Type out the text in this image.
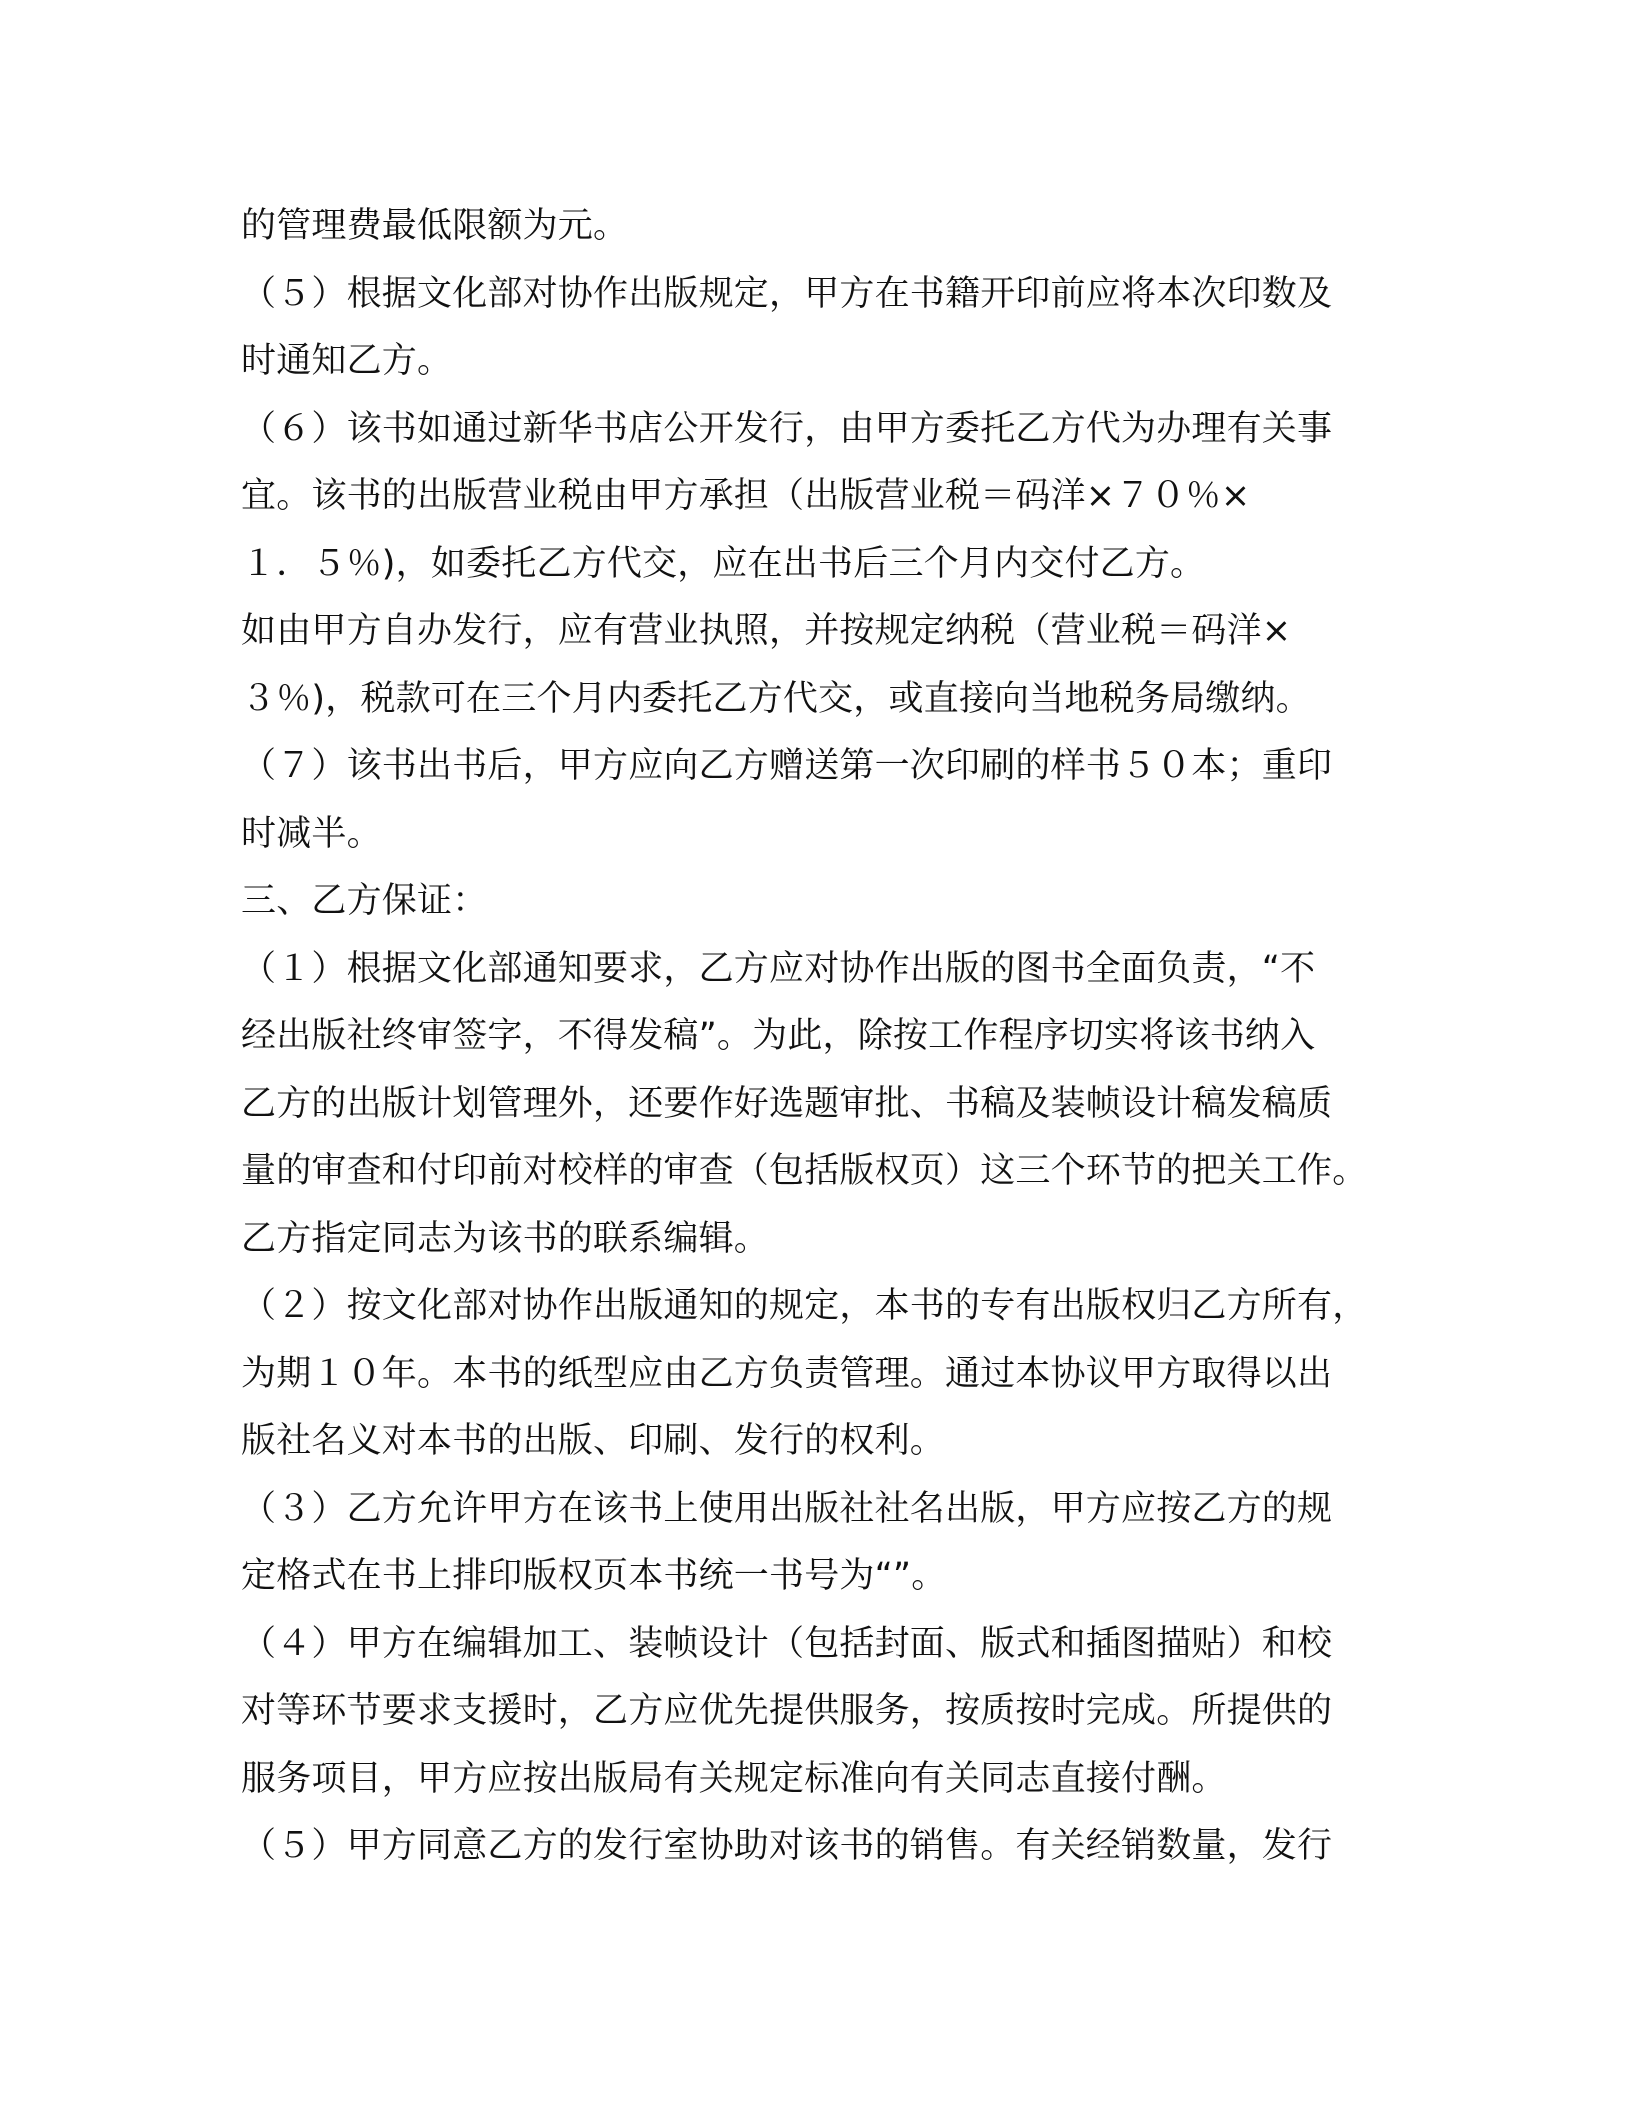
的管理费最低限额为元。
（５）根据文化部对协作出版规定，甲方在书籍开印前应将本次印数及
时通知乙方。
（６）该书如通过新华书店公开发行，由甲方委托乙方代为办理有关事
宜。该书的出版营业税由甲方承担（出版营业税＝码洋×７０％×
１．５％)，如委托乙方代交，应在出书后三个月内交付乙方。
如由甲方自办发行，应有营业执照，并按规定纳税（营业税＝码洋×
３％)，税款可在三个月内委托乙方代交，或直接向当地税务局缴纳。
（７）该书出书后，甲方应向乙方赠送第一次印刷的样书５０本；重印
时减半。
三、乙方保证：
（１）根据文化部通知要求，乙方应对协作出版的图书全面负责，“不
经出版社终审签字，不得发稿”。为此，除按工作程序切实将该书纳入
乙方的出版计划管理外，还要作好选题审批、书稿及装帧设计稿发稿质
量的审查和付印前对校样的审查（包括版权页）这三个环节的把关工作。
乙方指定同志为该书的联系编辑。
（２）按文化部对协作出版通知的规定，本书的专有出版权归乙方所有，
为期１０年。本书的纸型应由乙方负责管理。通过本协议甲方取得以出
版社名义对本书的出版、印刷、发行的权利。
（３）乙方允许甲方在该书上使用出版社社名出版，甲方应按乙方的规
定格式在书上排印版权页本书统一书号为“”。
（４）甲方在编辑加工、装帧设计（包括封面、版式和插图描贴）和校
对等环节要求支援时，乙方应优先提供服务，按质按时完成。所提供的
服务项目，甲方应按出版局有关规定标准向有关同志直接付酬。
（５）甲方同意乙方的发行室协助对该书的销售。有关经销数量，发行
